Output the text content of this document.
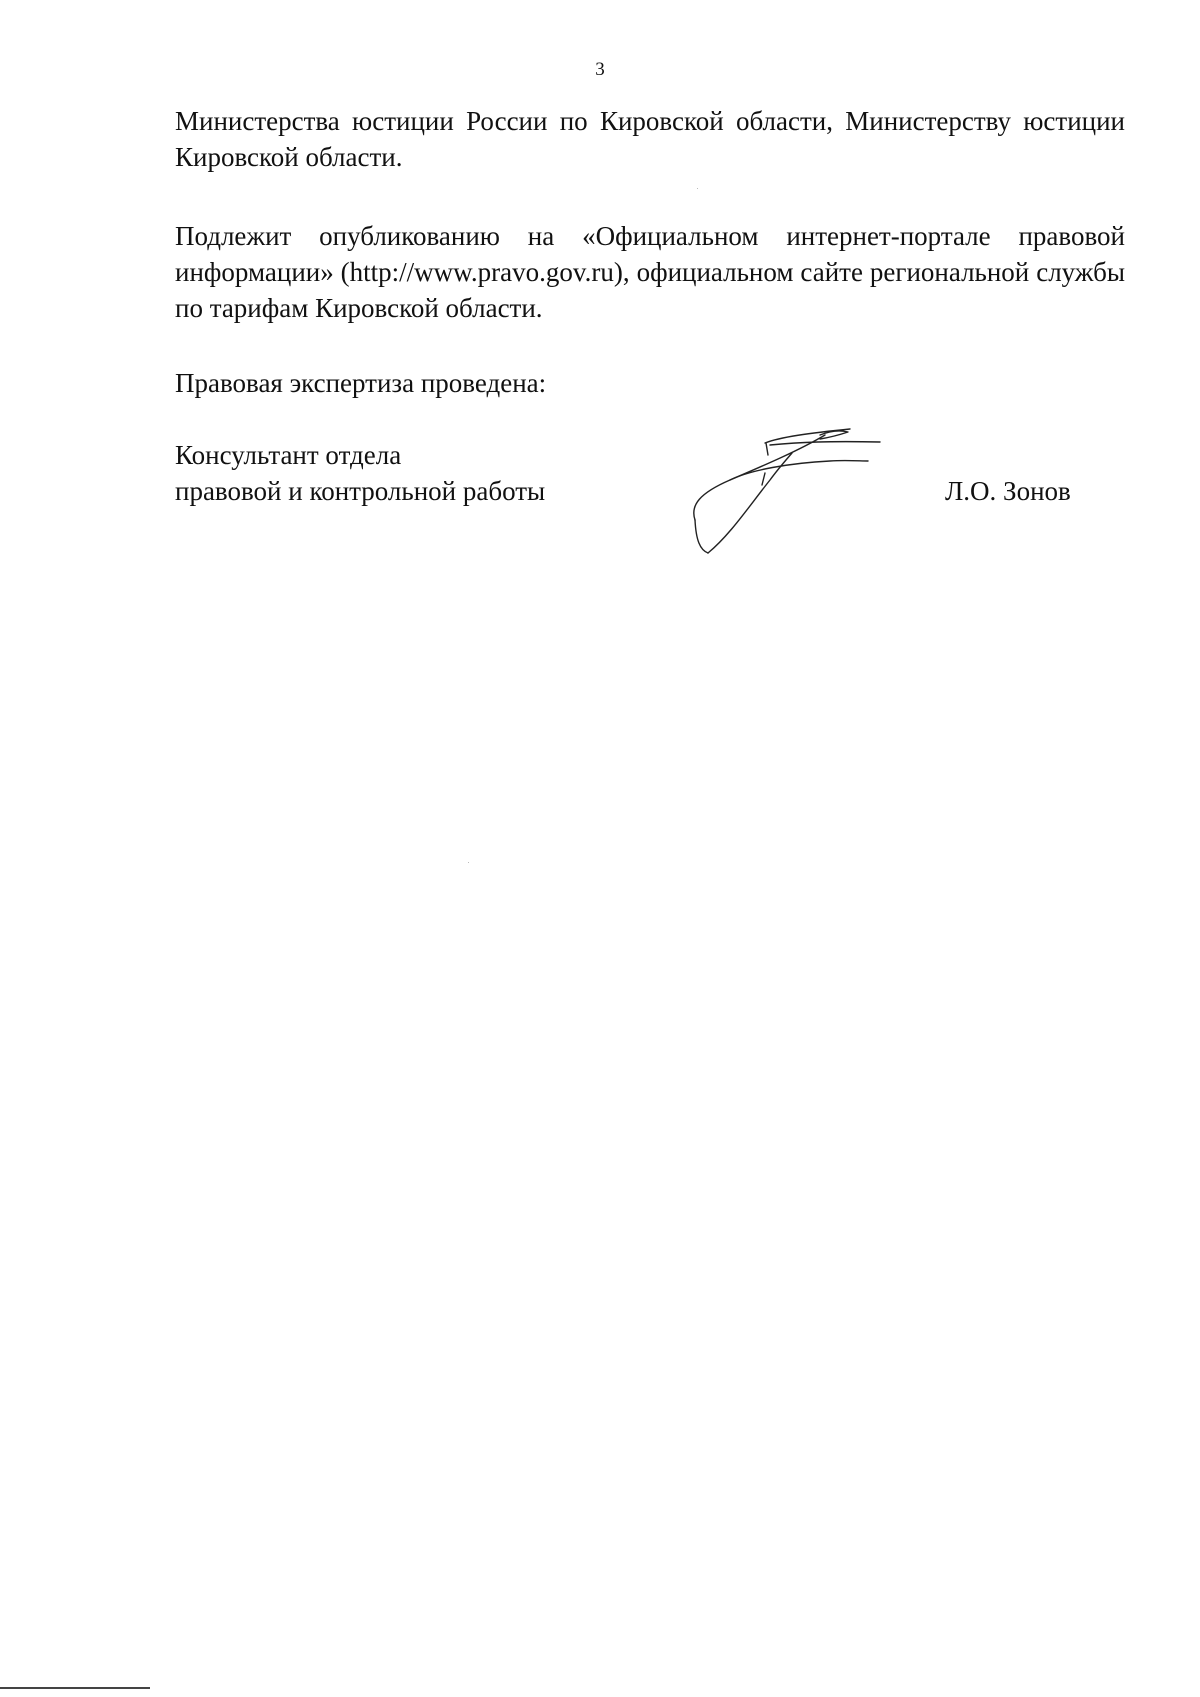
3

Министерства юстиции России по Кировской области, Министерству юстиции Кировской области.

Подлежит опубликованию на «Официальном интернет-портале правовой информации» (http://www.pravo.gov.ru), официальном сайте региональной службы по тарифам Кировской области.

Правовая экспертиза проведена:

Консультант отдела
правовой и контрольной работы	Л.О. Зонов
